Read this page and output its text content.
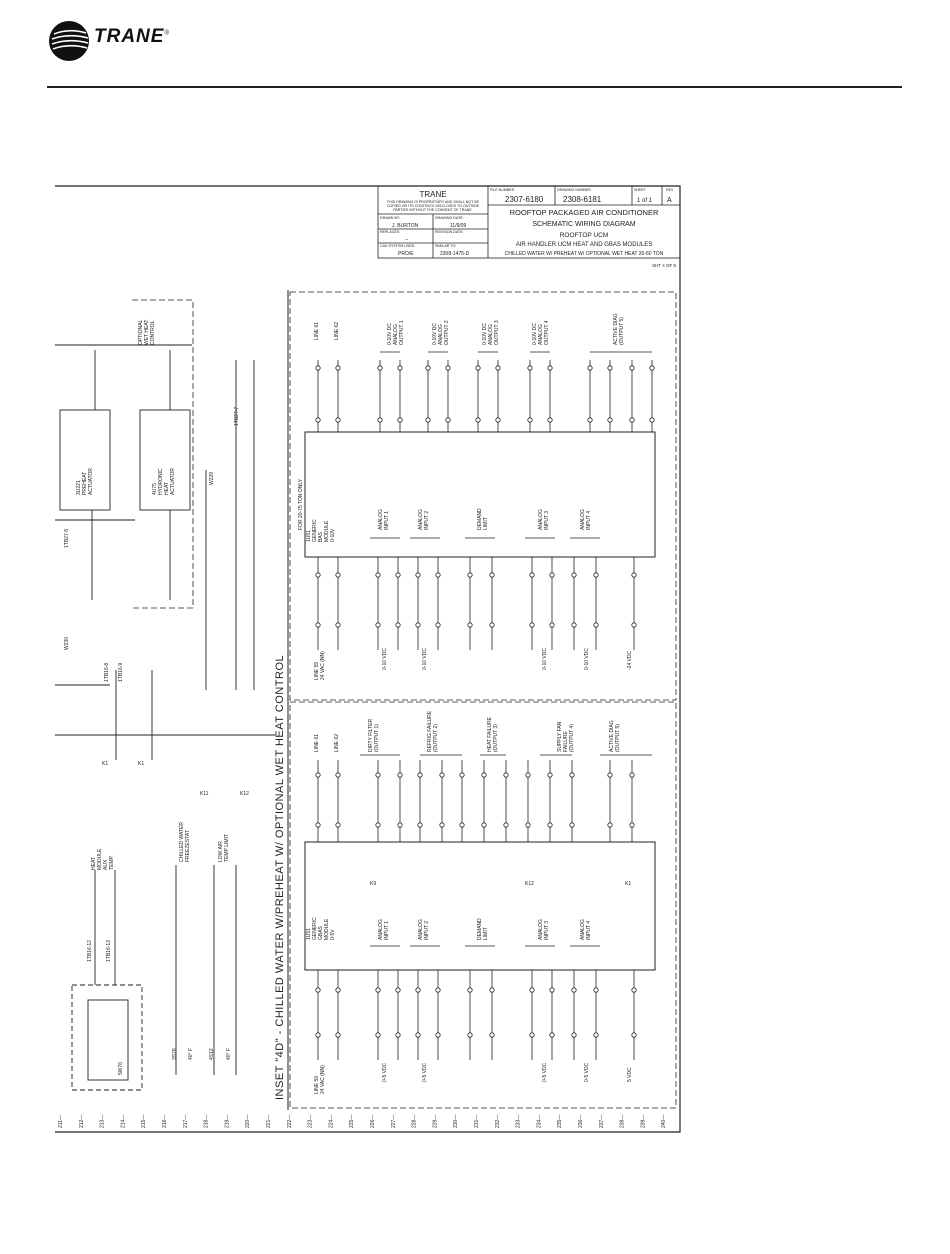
TRANE®
TRANE
THIS DRAWING IS PROPRIETARY AND SHALL NOT BE
COPIED OR ITS CONTENTS DISCLOSED TO OUTSIDE
PARTIES WITHOUT THE CONSENT OF TRANE.
DRAWN BY:
J. BURTON
DRAWING DATE:
11/9/09
REPLACES:
--
REVISION DATE:
CAD SYSTEM USED:
PRO/E
SIMILAR TO:
2308-1475-D
FILE NUMBER
2307-6180
DRAWING NUMBER
2308-6181
SHEET
1 of 1
REV
A
ROOFTOP PACKAGED AIR CONDITIONER
SCHEMATIC WIRING DIAGRAM
ROOFTOP UCM
AIR HANDLER UCM HEAT AND GBAS MODULES
CHILLED WATER W/ PREHEAT W/ OPTIONAL WET HEAT 20-60 TON
SHT 4 OF 5
INSET "4D" - CHILLED WATER W/PREHEAT W/ OPTIONAL WET HEAT CONTROL
211—	212—	213—	214—	215—	216—	217—	218—	219—	220—	221—	222—	223—	224—	225—	226—	227—	228—	229—	230—	231—	232—	233—	234—	235—	236—	237—	238—	239—	240—
1U51 GENERIC BAS MODULE 0-10V
FOR 20-75 TON ONLY
1U51 GENERIC GBAS MODULE 0-5V
0-10V DC ANALOG OUTPUT 1	0-10V DC ANALOG OUTPUT 2	0-10V DC ANALOG OUTPUT 3	0-10V DC ANALOG OUTPUT 4	ACTIVE DIAG (OUTPUT 5)
LINE 61	LINE 62
DIRTY FILTER (OUTPUT 1)	REFRIG FAILURE (OUTPUT 2)	HEAT FAILURE (OUTPUT 3)	SUPPLY FAN FAILURE (OUTPUT 4)	ACTIVE DIAG (OUTPUT 5)
LINE 61	LINE 62
ANALOG INPUT 1	ANALOG INPUT 2	DEMAND LIMIT	ANALOG INPUT 3	ANALOG INPUT 4
ANALOG INPUT 1	ANALOG INPUT 2	DEMAND LIMIT	ANALOG INPUT 3	ANALOG INPUT 4
LINE 59 24 VAC (NN)
LINE 59 24 VAC (NN)
0-10 VDC	0-10 VDC	0-10 VDC	0-10 VDC	-24 VDC
0-5 VDC	0-5 VDC	0-5 VDC	0-5 VDC	5 VDC
3U221 PREHEAT ACTUATOR	4U75 HYDRONIC HEAT ACTUATOR
OPTIONAL WET HEAT CONTROL
HEAT MODULE AUX TEMP.
CHILLED WATER FREEZESTAT	LOW AIR TEMP LIMIT
3S78	4S12
40° F	40° F
5W76
W230
W229
1TB27-5
1TB27-7
1TB16-8 1TB16-9
1TB16-12	1TB16-13
K1	K1
K11	K12
K9	K12	K1
